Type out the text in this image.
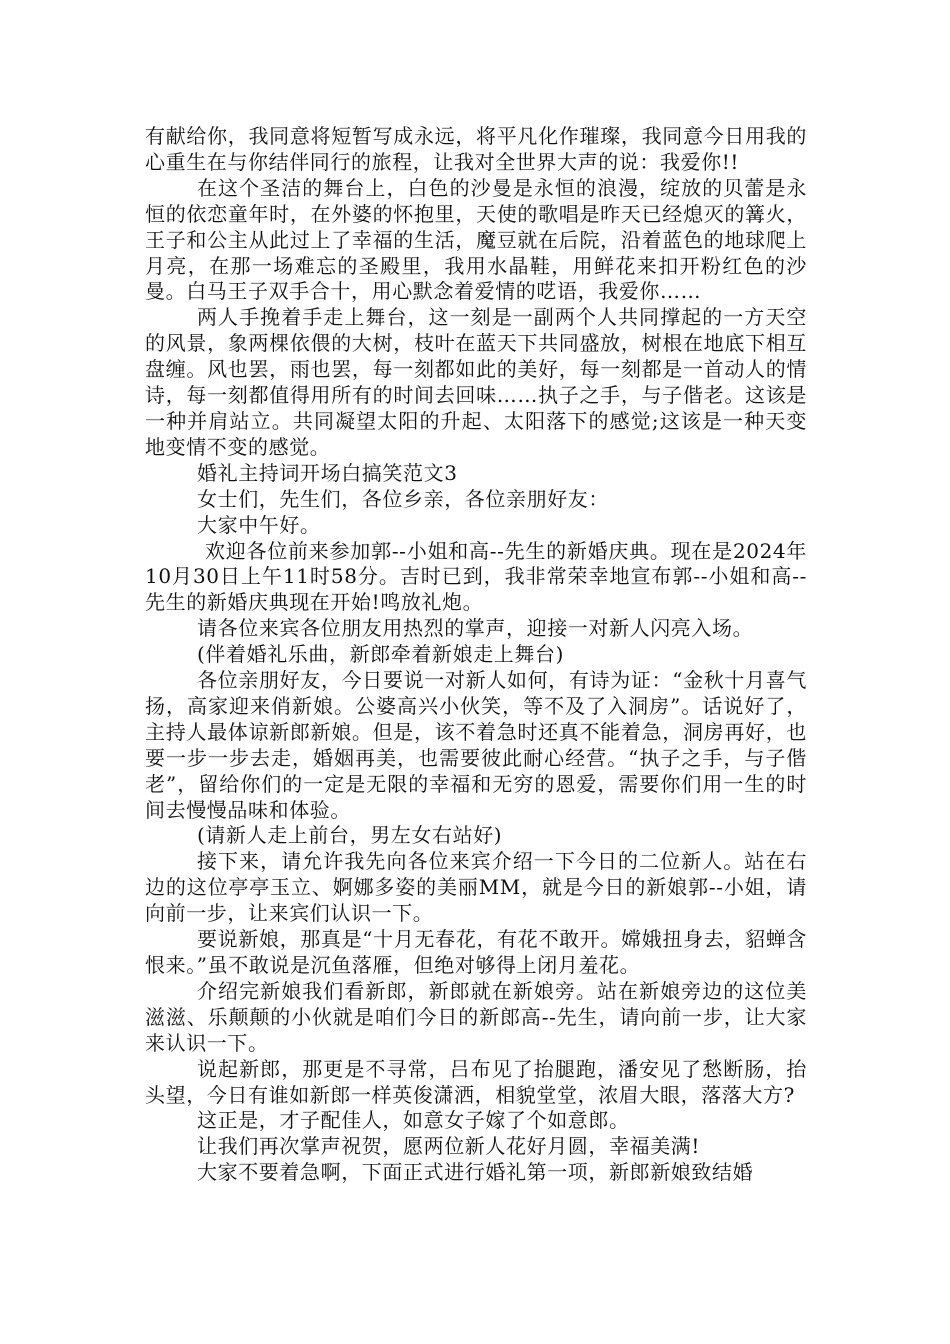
有献给你，我同意将短暂写成永远，将平凡化作璀璨，我同意今日用我的心重生在与你结伴同行的旅程，让我对全世界大声的说：我爱你!!

在这个圣洁的舞台上，白色的沙曼是永恒的浪漫，绽放的贝蕾是永恒的依恋童年时，在外婆的怀抱里，天使的歌唱是昨天已经熄灭的篝火，王子和公主从此过上了幸福的生活，魔豆就在后院，沿着蓝色的地球爬上月亮，在那一场难忘的圣殿里，我用水晶鞋，用鲜花来扣开粉红色的沙曼。白马王子双手合十，用心默念着爱情的呓语，我爱你……

两人手挽着手走上舞台，这一刻是一副两个人共同撑起的一方天空的风景，象两棵依偎的大树，枝叶在蓝天下共同盛放，树根在地底下相互盘缠。风也罢，雨也罢，每一刻都如此的美好，每一刻都是一首动人的情诗，每一刻都值得用所有的时间去回味……执子之手，与子偕老。这该是一种并肩站立。共同凝望太阳的升起、太阳落下的感觉;这该是一种天变地变情不变的感觉。

婚礼主持词开场白搞笑范文3

女士们，先生们，各位乡亲，各位亲朋好友：

大家中午好。

欢迎各位前来参加郭--小姐和高--先生的新婚庆典。现在是2024年10月30日上午11时58分。吉时已到，我非常荣幸地宣布郭--小姐和高--先生的新婚庆典现在开始!鸣放礼炮。

请各位来宾各位朋友用热烈的掌声，迎接一对新人闪亮入场。

(伴着婚礼乐曲，新郎牵着新娘走上舞台)

各位亲朋好友，今日要说一对新人如何，有诗为证：“金秋十月喜气扬，高家迎来俏新娘。公婆高兴小伙笑，等不及了入洞房”。话说好了，主持人最体谅新郎新娘。但是，该不着急时还真不能着急，洞房再好，也要一步一步去走，婚姻再美，也需要彼此耐心经营。“执子之手，与子偕老”，留给你们的一定是无限的幸福和无穷的恩爱，需要你们用一生的时间去慢慢品味和体验。

(请新人走上前台，男左女右站好)

接下来，请允许我先向各位来宾介绍一下今日的二位新人。站在右边的这位亭亭玉立、婀娜多姿的美丽MM，就是今日的新娘郭--小姐，请向前一步，让来宾们认识一下。

要说新娘，那真是“十月无春花，有花不敢开。嫦娥扭身去，貂蝉含恨来。”虽不敢说是沉鱼落雁，但绝对够得上闭月羞花。

介绍完新娘我们看新郎，新郎就在新娘旁。站在新娘旁边的这位美滋滋、乐颠颠的小伙就是咱们今日的新郎高--先生，请向前一步，让大家来认识一下。

说起新郎，那更是不寻常，吕布见了抬腿跑，潘安见了愁断肠，抬头望，今日有谁如新郎一样英俊潇洒，相貌堂堂，浓眉大眼，落落大方?

这正是，才子配佳人，如意女子嫁了个如意郎。

让我们再次掌声祝贺，愿两位新人花好月圆，幸福美满!

大家不要着急啊，下面正式进行婚礼第一项，新郎新娘致结婚
